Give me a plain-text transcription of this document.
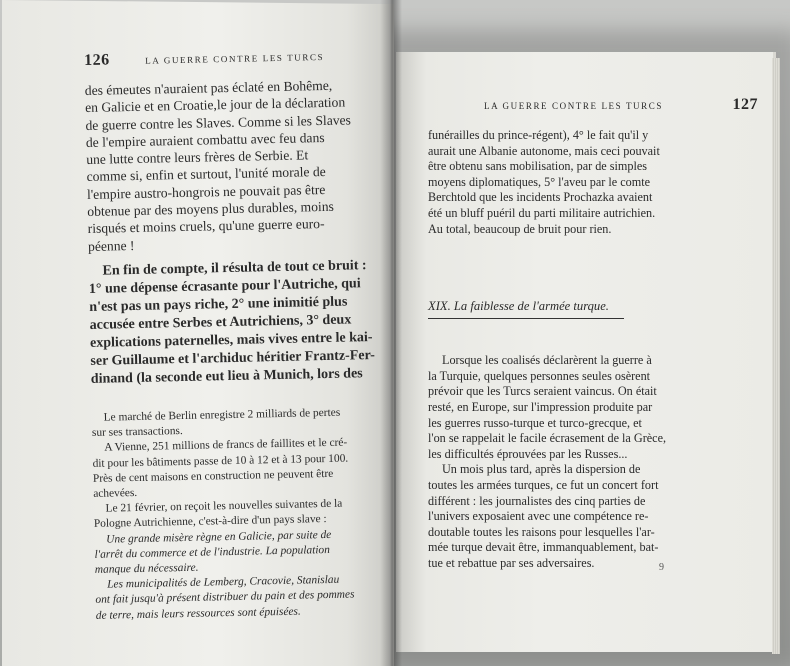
126	LA GUERRE CONTRE LES TURCS
des émeutes n'auraient pas éclaté en Bohême,
en Galicie et en Croatie,le jour de la déclaration
de guerre contre les Slaves. Comme si les Slaves
de l'empire auraient combattu avec feu dans
une lutte contre leurs frères de Serbie. Et
comme si, enfin et surtout, l'unité morale de
l'empire austro-hongrois ne pouvait pas être
obtenue par des moyens plus durables, moins
risqués et moins cruels, qu'une guerre euro-
péenne !
En fin de compte, il résulta de tout ce bruit :
1° une dépense écrasante pour l'Autriche, qui
n'est pas un pays riche, 2° une inimitié plus
accusée entre Serbes et Autrichiens, 3° deux
explications paternelles, mais vives entre le kai-
ser Guillaume et l'archiduc héritier Frantz-Fer-
dinand (la seconde eut lieu à Munich, lors des
Le marché de Berlin enregistre 2 milliards de pertes
sur ses transactions.
A Vienne, 251 millions de francs de faillites et le cré-
dit pour les bâtiments passe de 10 à 12 et à 13 pour 100.
Près de cent maisons en construction ne peuvent être
achevées.
Le 21 février, on reçoit les nouvelles suivantes de la
Pologne Autrichienne, c'est-à-dire d'un pays slave :
Une grande misère règne en Galicie, par suite de
l'arrêt du commerce et de l'industrie. La population
manque du nécessaire.
Les municipalités de Lemberg, Cracovie, Stanislau
ont fait jusqu'à présent distribuer du pain et des pommes
de terre, mais leurs ressources sont épuisées.
LA GUERRE CONTRE LES TURCS	127
funérailles du prince-régent), 4° le fait qu'il y
aurait une Albanie autonome, mais ceci pouvait
être obtenu sans mobilisation, par de simples
moyens diplomatiques, 5° l'aveu par le comte
Berchtold que les incidents Prochazka avaient
été un bluff puéril du parti militaire autrichien.
Au total, beaucoup de bruit pour rien.
XIX. La faiblesse de l'armée turque.
Lorsque les coalisés déclarèrent la guerre à
la Turquie, quelques personnes seules osèrent
prévoir que les Turcs seraient vaincus. On était
resté, en Europe, sur l'impression produite par
les guerres russo-turque et turco-grecque, et
l'on se rappelait le facile écrasement de la Grèce,
les difficultés éprouvées par les Russes...
Un mois plus tard, après la dispersion de
toutes les armées turques, ce fut un concert fort
différent : les journalistes des cinq parties de
l'univers exposaient avec une compétence re-
doutable toutes les raisons pour lesquelles l'ar-
mée turque devait être, immanquablement, bat-
tue et rebattue par ses adversaires.	9
